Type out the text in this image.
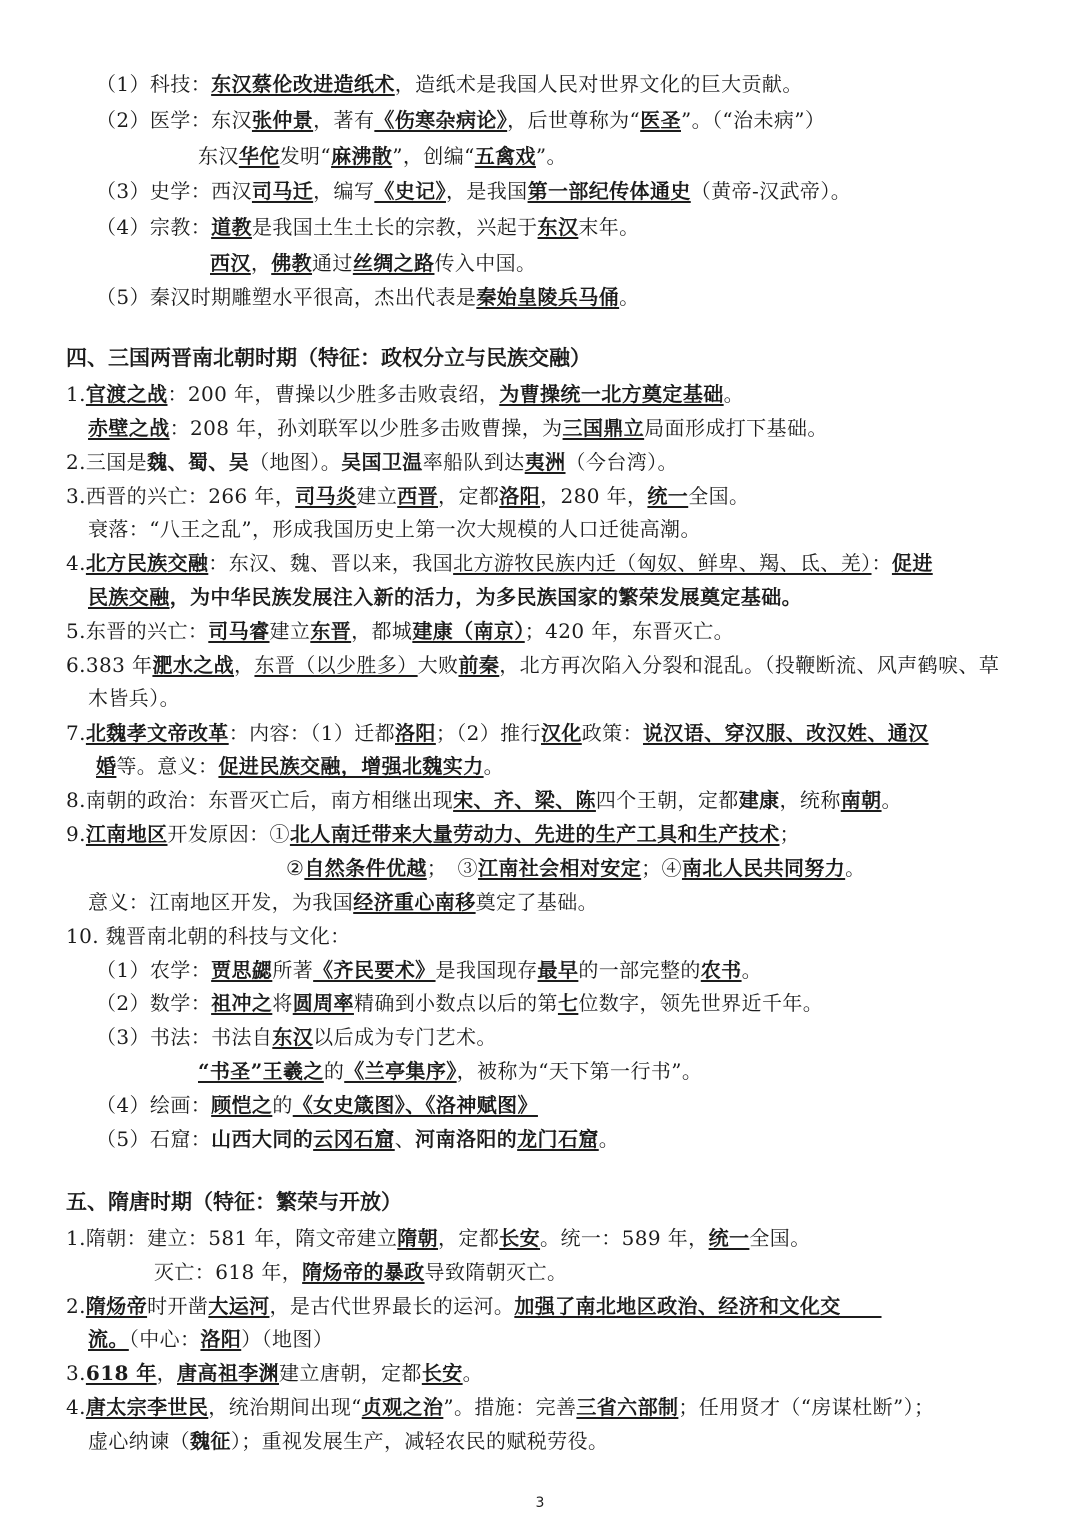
（1）科技：东汉蔡伦改进造纸术，造纸术是我国人民对世界文化的巨大贡献。
（2）医学：东汉张仲景，著有《伤寒杂病论》，后世尊称为“医圣”。（“治未病”）
东汉华佗发明“麻沸散”，创编“五禽戏”。
（3）史学：西汉司马迁，编写《史记》，是我国第一部纪传体通史（黄帝-汉武帝）。
（4）宗教：道教是我国土生土长的宗教，兴起于东汉末年。
西汉，佛教通过丝绸之路传入中国。
（5）秦汉时期雕塑水平很高，杰出代表是秦始皇陵兵马俑。
四、三国两晋南北朝时期（特征：政权分立与民族交融）
1.官渡之战：200 年，曹操以少胜多击败袁绍，为曹操统一北方奠定基础。
赤壁之战：208 年，孙刘联军以少胜多击败曹操，为三国鼎立局面形成打下基础。
2.三国是魏、蜀、吴（地图）。吴国卫温率船队到达夷洲（今台湾）。
3.西晋的兴亡：266 年，司马炎建立西晋，定都洛阳，280 年，统一全国。
衰落：“八王之乱”，形成我国历史上第一次大规模的人口迁徙高潮。
4.北方民族交融：东汉、魏、晋以来，我国北方游牧民族内迁（匈奴、鲜卑、羯、氐、羌）：促进
民族交融，为中华民族发展注入新的活力，为多民族国家的繁荣发展奠定基础。
5.东晋的兴亡：司马睿建立东晋，都城建康（南京）；420 年，东晋灭亡。
6.383 年淝水之战，东晋（以少胜多）大败前秦，北方再次陷入分裂和混乱。（投鞭断流、风声鹤唳、草
木皆兵）。
7.北魏孝文帝改革：内容：（1）迁都洛阳；（2）推行汉化政策：说汉语、穿汉服、改汉姓、通汉
婚等。意义：促进民族交融，增强北魏实力。
8.南朝的政治：东晋灭亡后，南方相继出现宋、齐、梁、陈四个王朝，定都建康，统称南朝。
9.江南地区开发原因：①北人南迁带来大量劳动力、先进的生产工具和生产技术；
②自然条件优越；　③江南社会相对安定；④南北人民共同努力。
意义：江南地区开发，为我国经济重心南移奠定了基础。
10. 魏晋南北朝的科技与文化：
（1）农学：贾思勰所著《齐民要术》是我国现存最早的一部完整的农书。
（2）数学：祖冲之将圆周率精确到小数点以后的第七位数字，领先世界近千年。
（3）书法：书法自东汉以后成为专门艺术。
“书圣”王羲之的《兰亭集序》，被称为“天下第一行书”。
（4）绘画：顾恺之的《女史箴图》、《洛神赋图》
（5）石窟：山西大同的云冈石窟、河南洛阳的龙门石窟。
五、隋唐时期（特征：繁荣与开放）
1.隋朝：建立：581 年，隋文帝建立隋朝，定都长安。统一：589 年，统一全国。
灭亡：618 年，隋炀帝的暴政导致隋朝灭亡。
2.隋炀帝时开凿大运河，是古代世界最长的运河。加强了南北地区政治、经济和文化交　　
流。（中心：洛阳）（地图）
3.618 年，唐高祖李渊建立唐朝，定都长安。
4.唐太宗李世民，统治期间出现“贞观之治”。措施：完善三省六部制；任用贤才（“房谋杜断”）；
虚心纳谏（魏征）；重视发展生产，减轻农民的赋税劳役。
3
